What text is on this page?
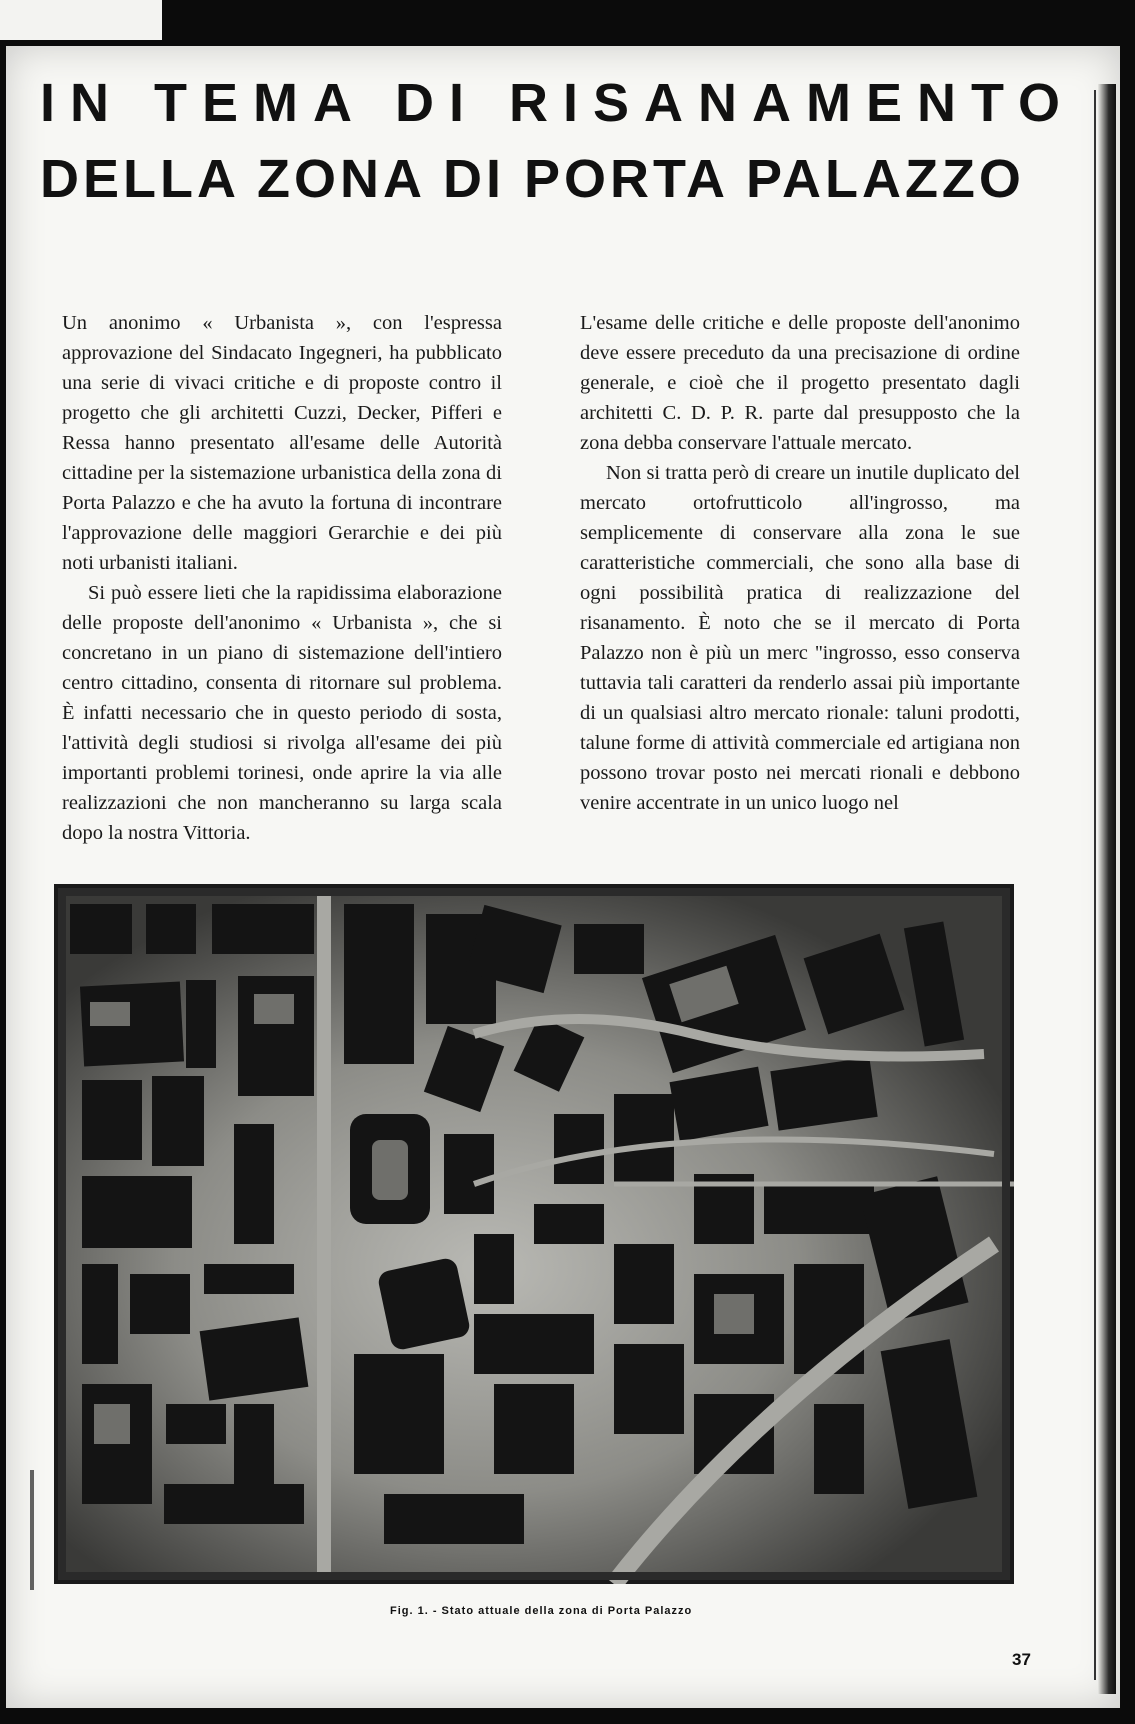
IN TEMA DI RISANAMENTO
DELLA ZONA DI PORTA PALAZZO

Un anonimo « Urbanista », con l'espressa approvazione del Sindacato Ingegneri, ha pubblicato una serie di vivaci critiche e di proposte contro il progetto che gli architetti Cuzzi, Decker, Pifferi e Ressa hanno presentato all'esame delle Autorità cittadine per la sistemazione urbanistica della zona di Porta Palazzo e che ha avuto la fortuna di incontrare l'approvazione delle maggiori Gerarchie e dei più noti urbanisti italiani.

Si può essere lieti che la rapidissima elaborazione delle proposte dell'anonimo « Urbanista », che si concretano in un piano di sistemazione dell'intiero centro cittadino, consenta di ritornare sul problema. È infatti necessario che in questo periodo di sosta, l'attività degli studiosi si rivolga all'esame dei più importanti problemi torinesi, onde aprire la via alle realizzazioni che non mancheranno su larga scala dopo la nostra Vittoria.

L'esame delle critiche e delle proposte dell'anonimo deve essere preceduto da una precisazione di ordine generale, e cioè che il progetto presentato dagli architetti C. D. P. R. parte dal presupposto che la zona debba conservare l'attuale mercato.

Non si tratta però di creare un inutile duplicato del mercato ortofrutticolo all'ingrosso, ma semplicemente di conservare alla zona le sue caratteristiche commerciali, che sono alla base di ogni possibilità pratica di realizzazione del risanamento. È noto che se il mercato di Porta Palazzo non è più un merc ''ingrosso, esso conserva tuttavia tali caratteri da renderlo assai più importante di un qualsiasi altro mercato rionale: taluni prodotti, talune forme di attività commerciale ed artigiana non possono trovar posto nei mercati rionali e debbono venire accentrate in un unico luogo nel

Fig. 1. - Stato attuale della zona di Porta Palazzo
37
